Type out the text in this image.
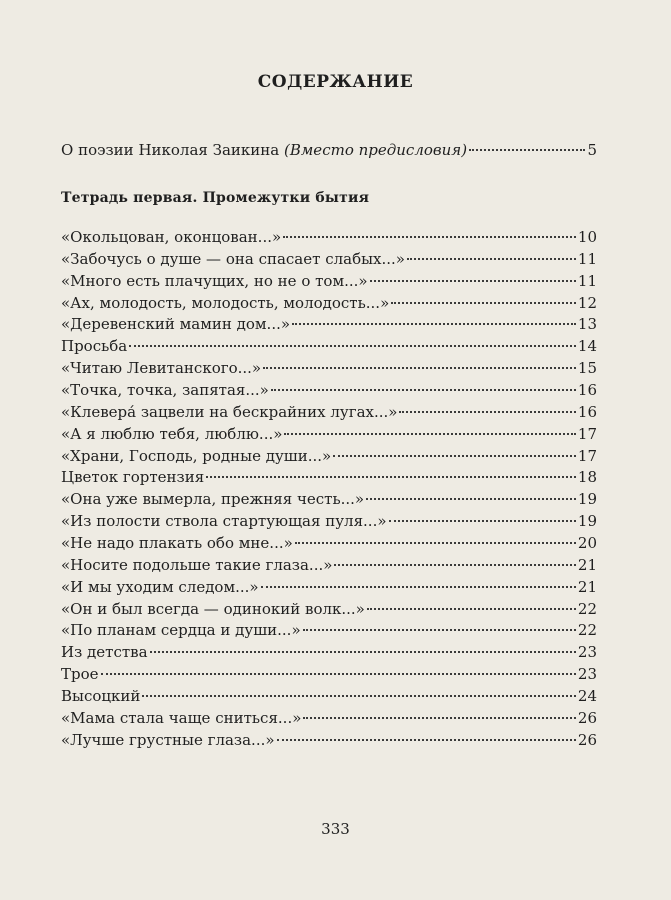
СОДЕРЖАНИЕ
О поэзии Николая Заикина (Вместо предисловия)	5
Тетрадь первая. Промежутки бытия
«Окольцован, оконцован...»	10
«Забочусь о душе — она спасает слабых...»	11
«Много есть плачущих, но не о том...»	11
«Ах, молодость, молодость, молодость...»	12
«Деревенский мамин дом...»	13
Просьба	14
«Читаю Левитанского...»	15
«Точка, точка, запятая...»	16
«Клевера́ зацвели на бескрайних лугах...»	16
«А я люблю тебя, люблю...»	17
«Храни, Господь, родные души...»	17
Цветок гортензия	18
«Она уже вымерла, прежняя честь...»	19
«Из полости ствола стартующая пуля...»	19
«Не надо плакать обо мне...»	20
«Носите подольше такие глаза...»	21
«И мы уходим следом...»	21
«Он и был всегда — одинокий волк...»	22
«По планам сердца и души...»	22
Из детства	23
Трое	23
Высоцкий	24
«Мама стала чаще сниться...»	26
«Лучше грустные глаза...»	26
333
